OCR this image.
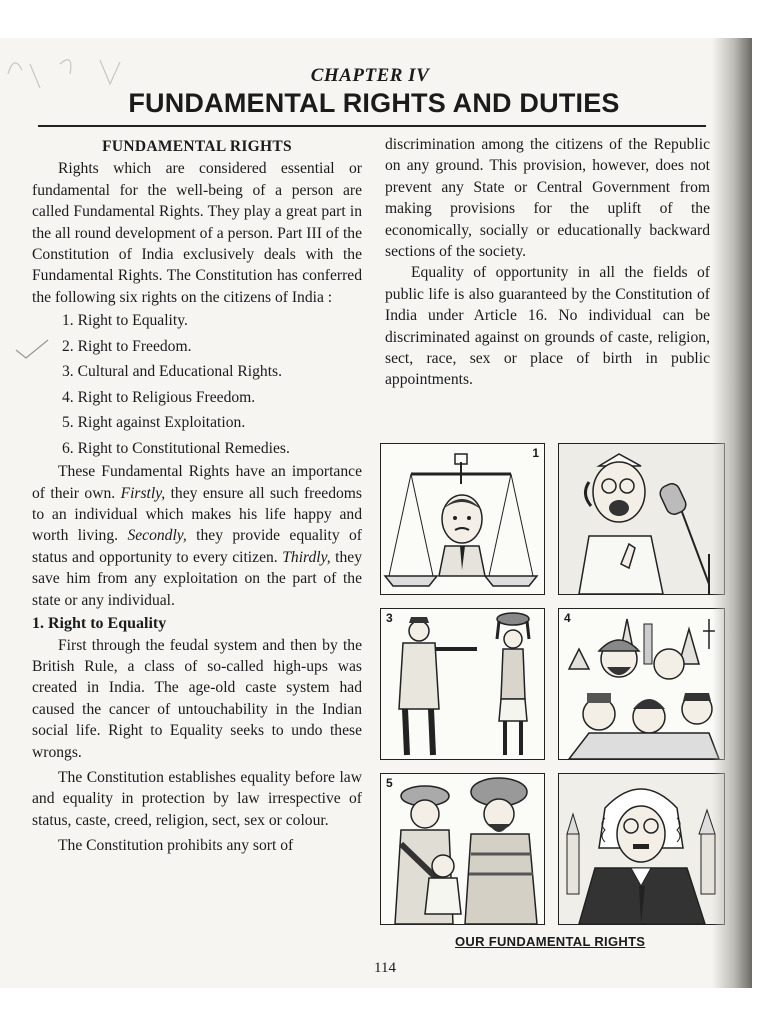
CHAPTER IV
FUNDAMENTAL RIGHTS AND DUTIES
FUNDAMENTAL RIGHTS

Rights which are considered essential or fundamental for the well-being of a person are called Fundamental Rights. They play a great part in the all round development of a person. Part III of the Constitution of India exclusively deals with the Fundamental Rights. The Constitution has conferred the following six rights on the citizens of India :

1. Right to Equality.
2. Right to Freedom.
3. Cultural and Educational Rights.
4. Right to Religious Freedom.
5. Right against Exploitation.
6. Right to Constitutional Remedies.

These Fundamental Rights have an importance of their own. Firstly, they ensure all such freedoms to an individual which makes his life happy and worth living. Secondly, they provide equality of status and opportunity to every citizen. Thirdly, they save him from any exploitation on the part of the state or any individual.

1. Right to Equality

First through the feudal system and then by the British Rule, a class of so-called high-ups was created in India. The age-old caste system had caused the cancer of untouchability in the Indian social life. Right to Equality seeks to undo these wrongs.

The Constitution establishes equality before law and equality in protection by law irrespective of status, caste, creed, religion, sect, sex or colour.

The Constitution prohibits any sort of

discrimination among the citizens of the Republic on any ground. This provision, however, does not prevent any State or Central Government from making provisions for the uplift of the economically, socially or educationally backward sections of the society.

Equality of opportunity in all the fields of public life is also guaranteed by the Constitution of India under Article 16. No individual can be discriminated against on grounds of caste, religion, sect, race, sex or place of birth in public appointments.

1
3	4
5
OUR FUNDAMENTAL RIGHTS
114
